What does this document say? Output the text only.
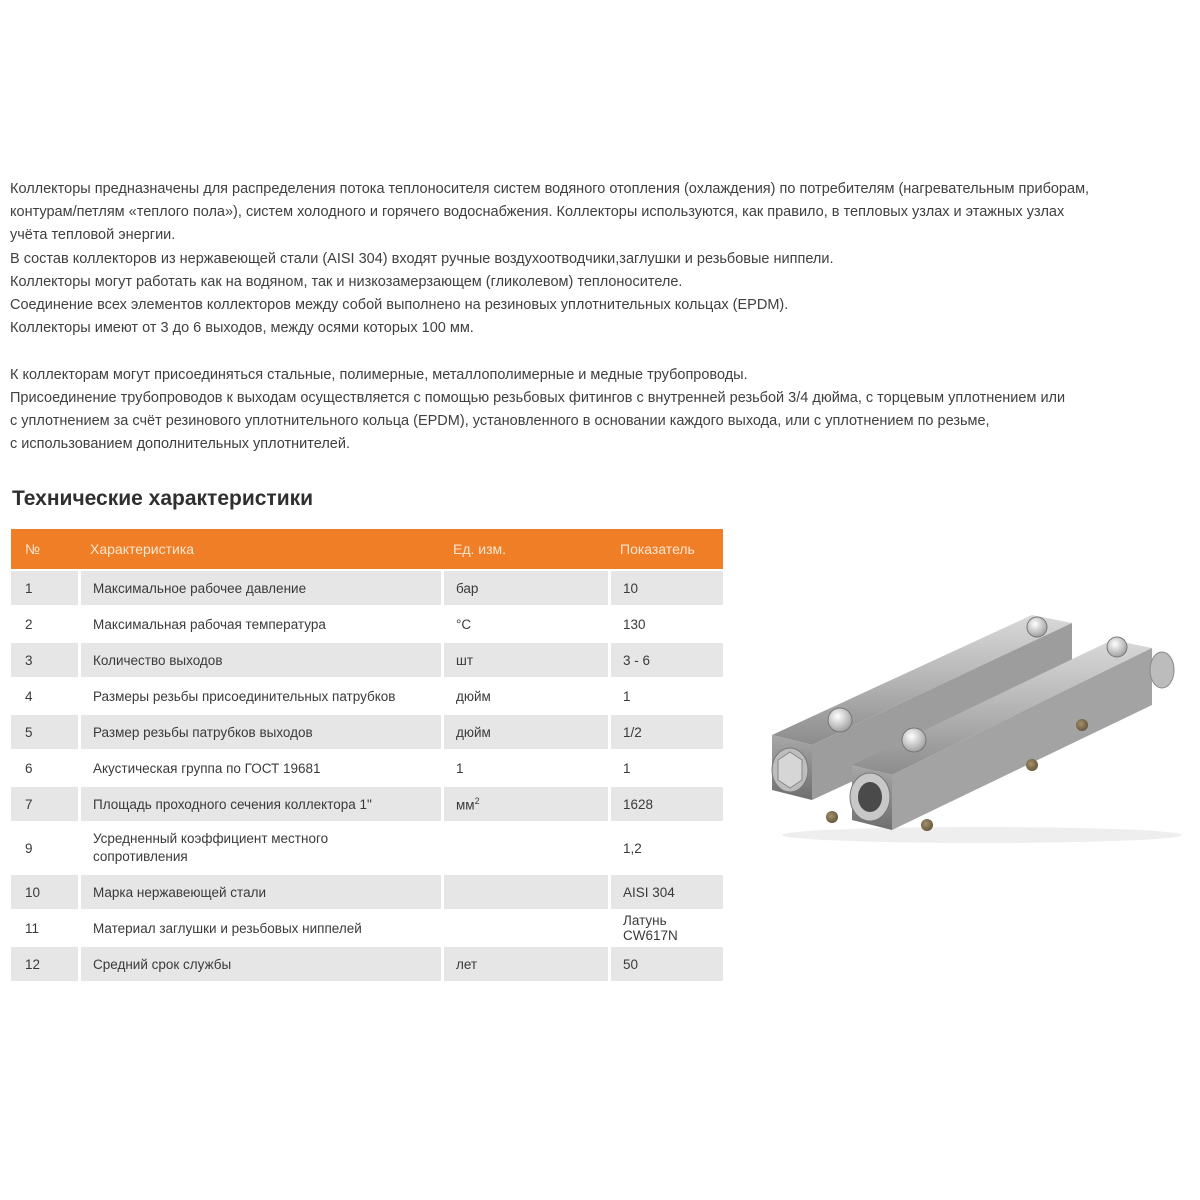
Коллекторы предназначены для распределения потока теплоносителя систем водяного отопления (охлаждения) по потребителям (нагревательным приборам,

контурам/петлям «теплого пола»), систем холодного и горячего водоснабжения. Коллекторы используются, как правило, в тепловых узлах и этажных узлах

учёта тепловой энергии.

В состав коллекторов из нержавеющей стали (AISI 304) входят ручные воздухоотводчики,заглушки и резьбовые ниппели.

Коллекторы могут работать как на водяном, так и низкозамерзающем (гликолевом) теплоносителе.

Соединение всех элементов коллекторов между собой выполнено на резиновых уплотнительных кольцах (EPDM).

Коллекторы имеют от 3 до 6 выходов, между осями которых 100 мм.

К коллекторам могут присоединяться стальные, полимерные, металлополимерные и медные трубопроводы.

Присоединение трубопроводов к выходам осуществляется с помощью резьбовых фитингов с внутренней резьбой 3/4 дюйма, с торцевым уплотнением или

с уплотнением за счёт резинового уплотнительного кольца (EPDM), установленного в основании каждого выхода, или с уплотнением по резьме,

с использованием дополнительных уплотнителей.

Технические характеристики
№	Характеристика	Ед. изм.	Показатель
1	Максимальное рабочее давление	бар	10
2	Максимальная рабочая температура	°C	130
3	Количество выходов	шт	3 - 6
4	Размеры резьбы присоединительных патрубков	дюйм	1
5	Размер резьбы патрубков выходов	дюйм	1/2
6	Акустическая группа по ГОСТ 19681	1	1
7	Площадь проходного сечения коллектора 1"	$мм^2$	1628
9	Усредненный коэффициент местного
сопротивления		1,2
10	Марка нержавеющей стали		AISI 304
11	Материал заглушки и резьбовых ниппелей		Латунь CW617N
12	Средний срок службы	лет	50
